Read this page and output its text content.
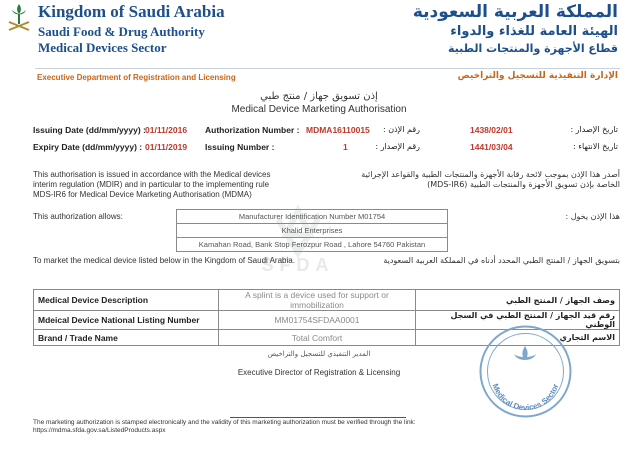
Kingdom of Saudi Arabia
Saudi Food & Drug Authority
Medical Devices Sector
المملكة العربية السعودية
الهيئة العامة للغذاء والدواء
قطاع الأجهزة والمنتجات الطبية
Executive Department of Registration and Licensing	الإدارة التنفيذية للتسجيل والتراخيص
إذن تسويق جهاز / منتج طبي
Medical Device Marketing Authorisation
Issuing Date (dd/mm/yyyy) : 01/11/2016 Authorization Number : MDMA16110015	رقم الإذن :	1438/02/01	تاريخ الإصدار :
Expiry Date (dd/mm/yyyy) : 01/11/2019 Issuing Number :	1	رقم الإصدار :	1441/03/04	تاريخ الانتهاء :
This authorisation is issued in accordance with the Medical devices interim regulation (MDIR) and in particular to the implementing rule MDS-IR6 for Medical Device Marketing Authorisation (MDMA)
أصدر هذا الإذن بموجب لائحة رقابة الأجهزة والمنتجات الطبية والقواعد الإجرائية الخاصة بإذن تسويق الأجهزة والمنتجات الطبية (MDS-IR6)
SFDA
This authorization allows:	هذا الإذن يخول :
Manufacturer Identification Number M01754
Khalid Enterprises
Kamahan Road, Bank Stop Ferozpur Road , Lahore 54760 Pakistan
To market the medical device listed below in the Kingdom of Saudi Arabia.	بتسويق الجهاز / المنتج الطبي المحدد أدناه في المملكة العربية السعودية
Medical Device Description	A splint is a device used for support or immobilization	وصف الجهاز / المنتج الطبي
Mdeical Device National Listing Number	MM01754SFDAA0001	رقم قيد الجهاز / المنتج الطبي في السجل الوطني
Brand / Trade Name	Total Comfort	الاسم التجاري
المدير التنفيذي للتسجيل والتراخيص
Executive Director of Registration & Licensing
Medical Devices Sector
The marketing authorization is stamped electronically and the validity of this marketing authorization must be verified through the link:
https://mdma.sfda.gov.sa/ListedProducts.aspx
